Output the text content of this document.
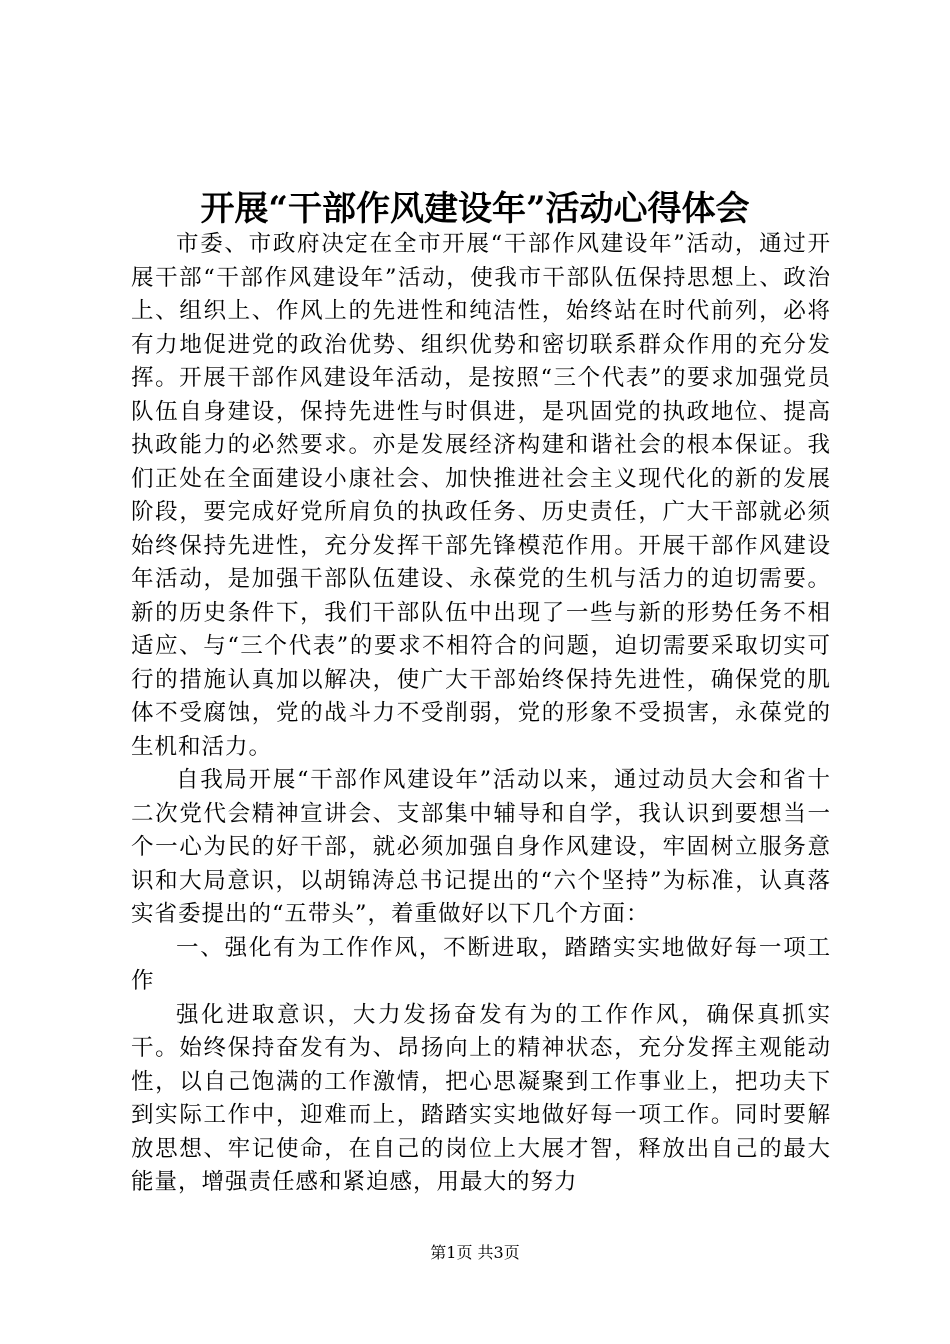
开展“干部作风建设年”活动心得体会

市委、市政府决定在全市开展“干部作风建设年”活动，通过开展干部“干部作风建设年”活动，使我市干部队伍保持思想上、政治上、组织上、作风上的先进性和纯洁性，始终站在时代前列，必将有力地促进党的政治优势、组织优势和密切联系群众作用的充分发挥。开展干部作风建设年活动，是按照“三个代表”的要求加强党员队伍自身建设，保持先进性与时俱进，是巩固党的执政地位、提高执政能力的必然要求。亦是发展经济构建和谐社会的根本保证。我们正处在全面建设小康社会、加快推进社会主义现代化的新的发展阶段，要完成好党所肩负的执政任务、历史责任，广大干部就必须始终保持先进性，充分发挥干部先锋模范作用。开展干部作风建设年活动，是加强干部队伍建设、永葆党的生机与活力的迫切需要。新的历史条件下，我们干部队伍中出现了一些与新的形势任务不相适应、与“三个代表”的要求不相符合的问题，迫切需要采取切实可行的措施认真加以解决，使广大干部始终保持先进性，确保党的肌体不受腐蚀，党的战斗力不受削弱，党的形象不受损害，永葆党的生机和活力。

自我局开展“干部作风建设年”活动以来，通过动员大会和省十二次党代会精神宣讲会、支部集中辅导和自学，我认识到要想当一个一心为民的好干部，就必须加强自身作风建设，牢固树立服务意识和大局意识，以胡锦涛总书记提出的“六个坚持”为标准，认真落实省委提出的“五带头”，着重做好以下几个方面：

一、强化有为工作作风，不断进取，踏踏实实地做好每一项工作

强化进取意识，大力发扬奋发有为的工作作风，确保真抓实干。始终保持奋发有为、昂扬向上的精神状态，充分发挥主观能动性，以自己饱满的工作激情，把心思凝聚到工作事业上，把功夫下到实际工作中，迎难而上，踏踏实实地做好每一项工作。同时要解放思想、牢记使命，在自己的岗位上大展才智，释放出自己的最大能量，增强责任感和紧迫感，用最大的努力

第1页 共3页
